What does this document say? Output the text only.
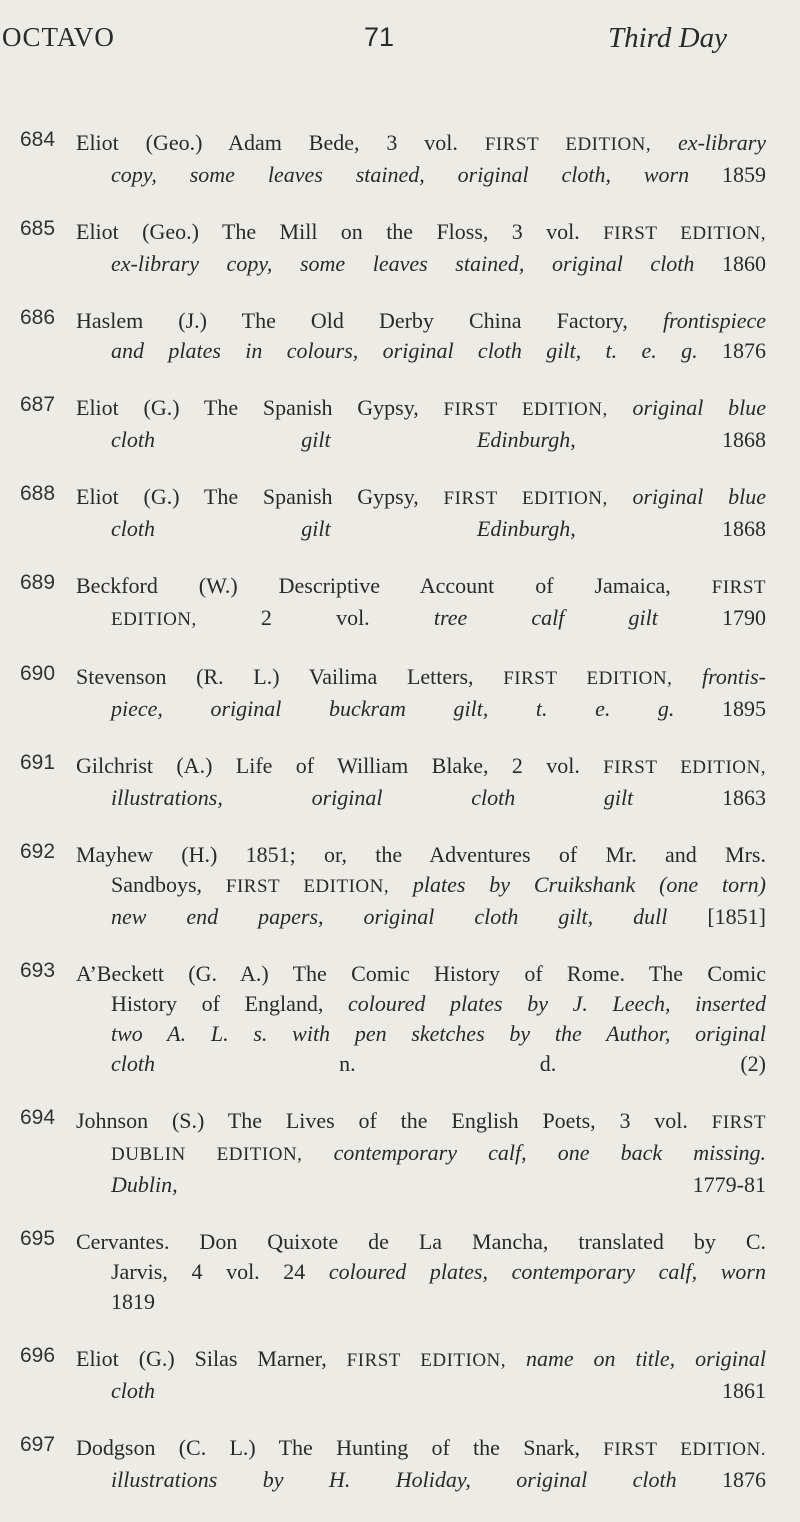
OCTAVO	71	Third Day
684 Eliot (Geo.) Adam Bede, 3 vol. FIRST EDITION, ex-library
copy, some leaves stained, original cloth, worn 1859
685 Eliot (Geo.) The Mill on the Floss, 3 vol. FIRST EDITION,
ex-library copy, some leaves stained, original cloth 1860
686 Haslem (J.) The Old Derby China Factory, frontispiece
and plates in colours, original cloth gilt, t. e. g. 1876
687 Eliot (G.) The Spanish Gypsy, FIRST EDITION, original blue
cloth gilt Edinburgh, 1868
688 Eliot (G.) The Spanish Gypsy, FIRST EDITION, original blue
cloth gilt Edinburgh, 1868
689 Beckford (W.) Descriptive Account of Jamaica, FIRST
EDITION, 2 vol. tree calf gilt 1790
690 Stevenson (R. L.) Vailima Letters, FIRST EDITION, frontis-
piece, original buckram gilt, t. e. g. 1895
691 Gilchrist (A.) Life of William Blake, 2 vol. FIRST EDITION,
illustrations, original cloth gilt 1863
692 Mayhew (H.) 1851; or, the Adventures of Mr. and Mrs.
Sandboys, FIRST EDITION, plates by Cruikshank (one torn)
new end papers, original cloth gilt, dull [1851]
693 A’Beckett (G. A.) The Comic History of Rome. The Comic
History of England, coloured plates by J. Leech, inserted
two A. L. s. with pen sketches by the Author, original
cloth n. d. (2)
694 Johnson (S.) The Lives of the English Poets, 3 vol. FIRST
DUBLIN EDITION, contemporary calf, one back missing.
Dublin, 1779-81
695 Cervantes. Don Quixote de La Mancha, translated by C.
Jarvis, 4 vol. 24 coloured plates, contemporary calf, worn
1819
696 Eliot (G.) Silas Marner, FIRST EDITION, name on title, original
cloth 1861
697 Dodgson (C. L.) The Hunting of the Snark, FIRST EDITION.
illustrations by H. Holiday, original cloth 1876
